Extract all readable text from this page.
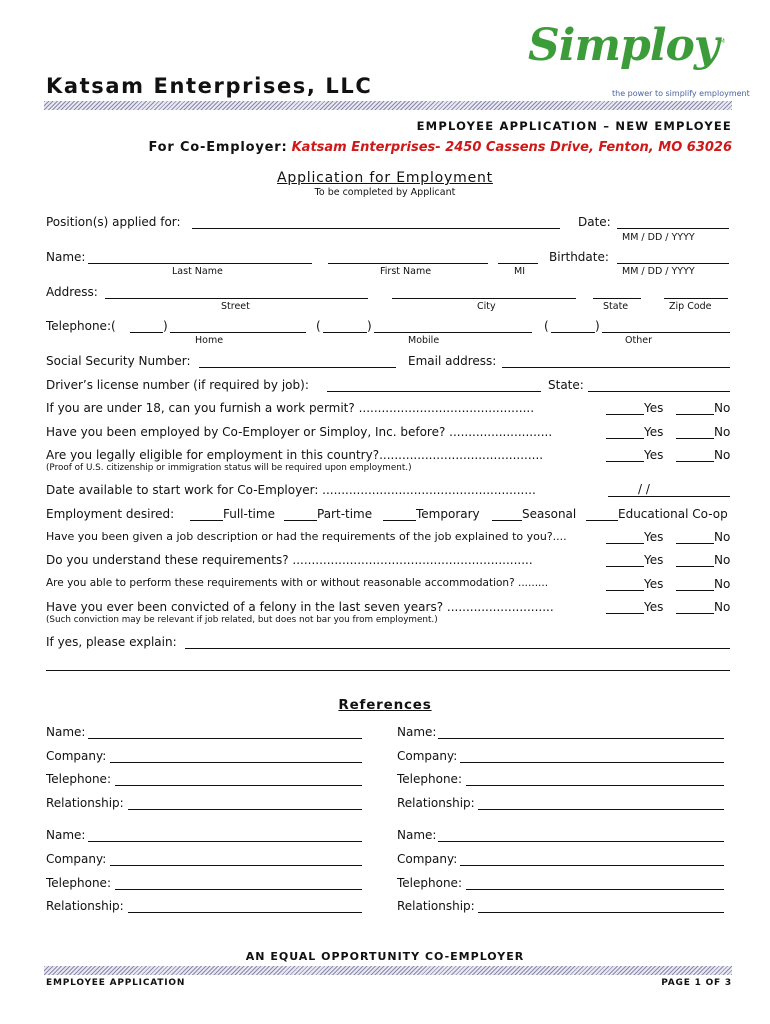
Katsam Enterprises, LLC
Simploy
TM
the power to simplify employment
EMPLOYEE APPLICATION – NEW EMPLOYEE
For Co-Employer: Katsam Enterprises- 2450 Cassens Drive, Fenton, MO 63026
Application for Employment
To be completed by Applicant
Position(s) applied for:	Date:
MM / DD / YYYY
Name:	Birthdate:
Last Name	First Name	MI	MM / DD / YYYY
Address:
Street	City	State	Zip Code
Telephone:(	)	(	)	(	)
Home	Mobile	Other
Social Security Number:	Email address:
Driver’s license number (if required by job):	State:
If you are under 18, can you furnish a work permit? ..............................................	Yes	No
Have you been employed by Co-Employer or Simploy, Inc. before? ...........................	Yes	No
Are you legally eligible for employment in this country?...........................................	Yes	No
(Proof of U.S. citizenship or immigration status will be required upon employment.)
Date available to start work for Co-Employer: ........................................................	/ /
Employment desired:	Full-time	Part-time	Temporary	Seasonal	Educational Co-op
Have you been given a job description or had the requirements of the job explained to you?....	Yes	No
Do you understand these requirements? ...............................................................	Yes	No
Are you able to perform these requirements with or without reasonable accommodation? .........	Yes	No
Have you ever been convicted of a felony in the last seven years? ............................	Yes	No
(Such conviction may be relevant if job related, but does not bar you from employment.)
If yes, please explain:
References
Name:
Company:
Telephone:
Relationship:
Name:
Company:
Telephone:
Relationship:
Name:
Company:
Telephone:
Relationship:
Name:
Company:
Telephone:
Relationship:
AN EQUAL OPPORTUNITY CO-EMPLOYER
EMPLOYEE APPLICATION	PAGE 1 OF 3
